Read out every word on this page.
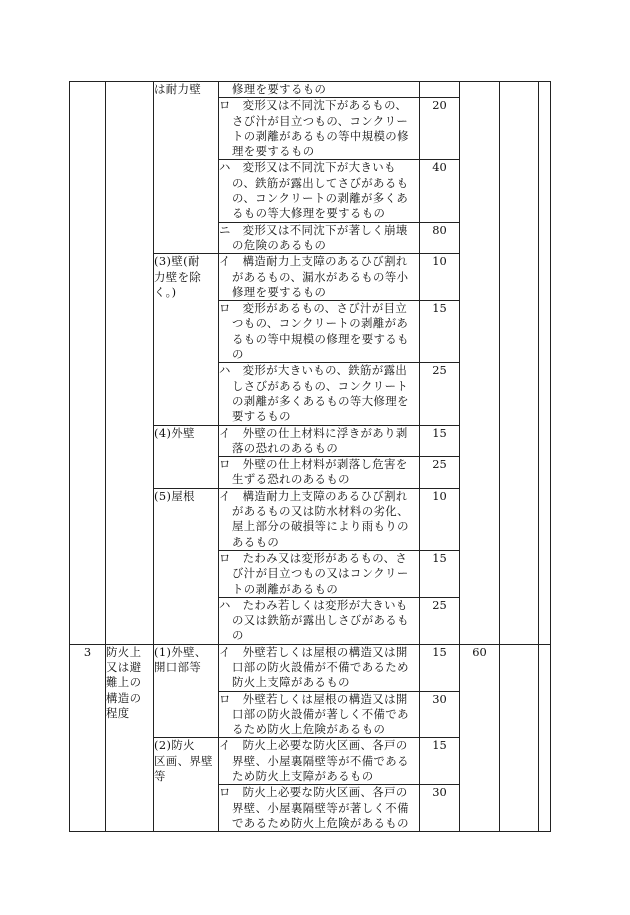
		は耐力壁	修理を要するもの				

			ロ　変形又は不同沈下があるもの、
さび汁が目立つもの、コンクリー
トの剥離があるもの等中規模の修
理を要するもの	20			

			ハ　変形又は不同沈下が大きいも
の、鉄筋が露出してさびがあるも
の、コンクリートの剥離が多くあ
るもの等大修理を要するもの	40			

			ニ　変形又は不同沈下が著しく崩壊
の危険のあるもの	80			

		(3)壁(耐
力壁を除
く。)	イ　構造耐力上支障のあるひび割れ
があるもの、漏水があるもの等小
修理を要するもの	10			

			ロ　変形があるもの、さび汁が目立
つもの、コンクリートの剥離があ
るもの等中規模の修理を要するも
の	15			

			ハ　変形が大きいもの、鉄筋が露出
しさびがあるもの、コンクリート
の剥離が多くあるもの等大修理を
要するもの	25			
		(4)外壁	イ　外壁の仕上材料に浮きがあり剥
落の恐れのあるもの	15			

			ロ　外壁の仕上材料が剥落し危害を
生ずる恐れのあるもの	25			
		(5)屋根	イ　構造耐力上支障のあるひび割れ
があるもの又は防水材料の劣化、
屋上部分の破損等により雨もりの
あるもの	10			

			ロ　たわみ又は変形があるもの、さ
び汁が目立つもの又はコンクリー
トの剥離があるもの	15			

			ハ　たわみ若しくは変形が大きいも
の又は鉄筋が露出しさびがあるも
の	25			
3	防火上
又は避
難上の
構造の
程度	(1)外壁、
開口部等	イ　外壁若しくは屋根の構造又は開
口部の防火設備が不備であるため
防火上支障があるもの	15	60		

			ロ　外壁若しくは屋根の構造又は開
口部の防火設備が著しく不備であ
るため防火上危険があるもの	30			

		(2)防火
区画、界壁
等	イ　防火上必要な防火区画、各戸の
界壁、小屋裏隔壁等が不備である
ため防火上支障があるもの	15			

			ロ　防火上必要な防火区画、各戸の
界壁、小屋裏隔壁等が著しく不備
であるため防火上危険があるもの	30			
